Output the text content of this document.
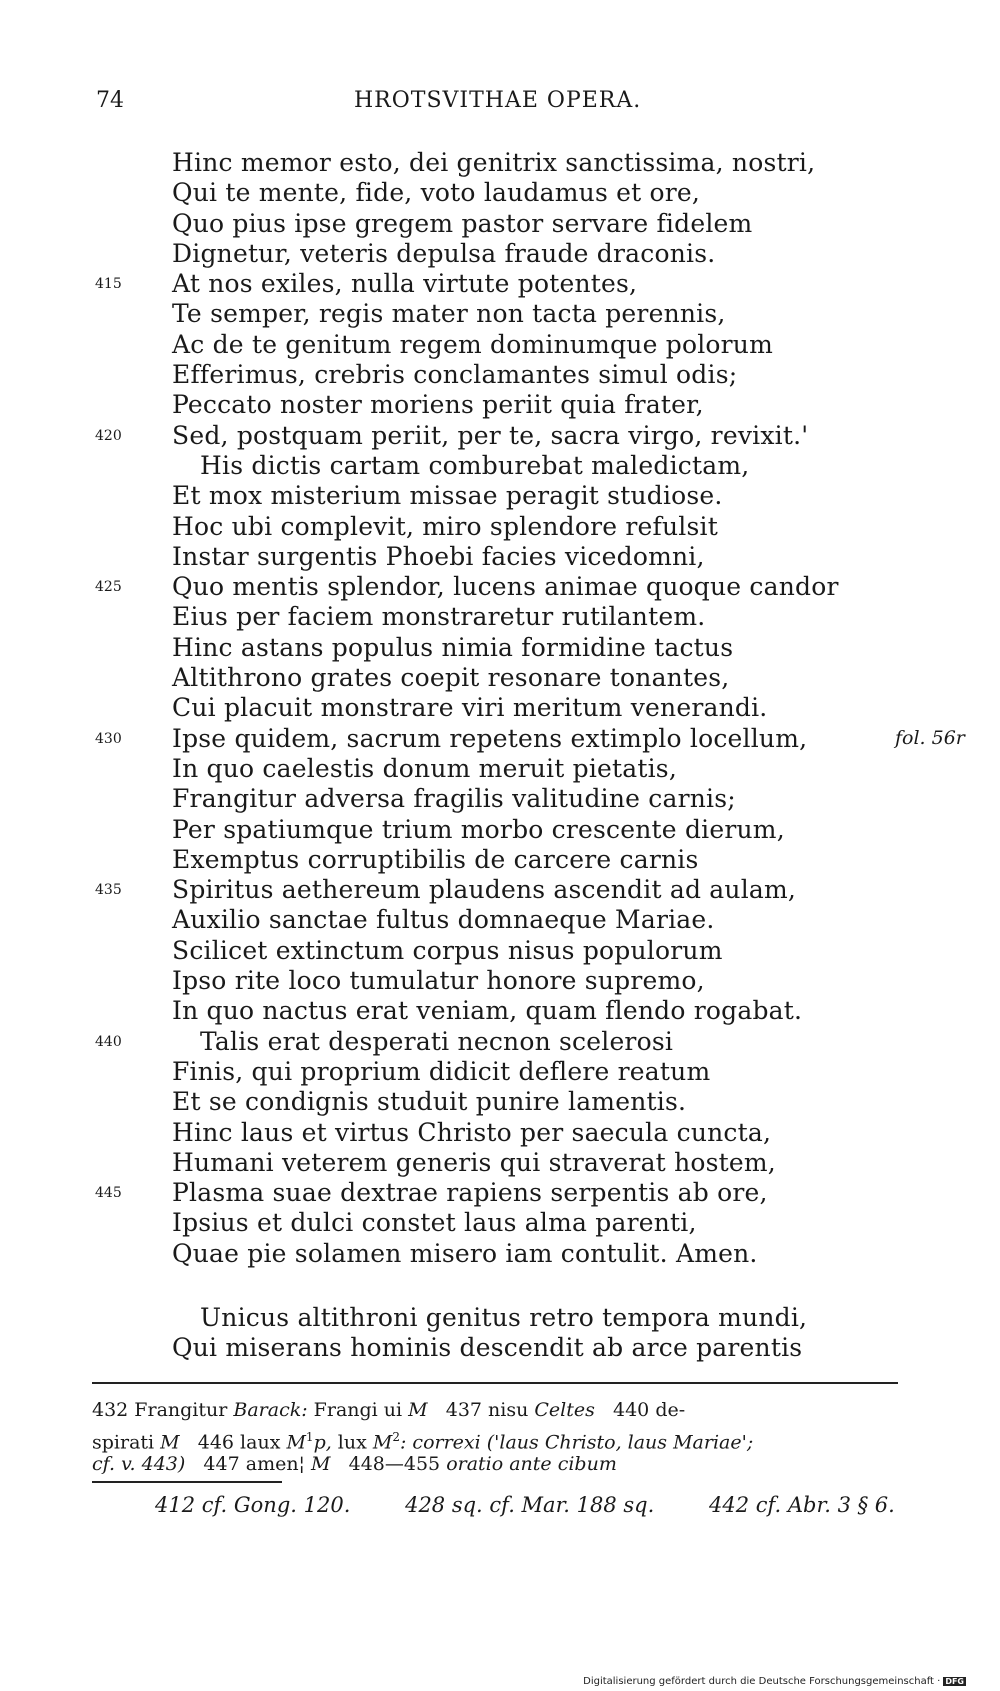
74	HROTSVITHAE OPERA.
Hinc memor esto, dei genitrix sanctissima, nostri,
Qui te mente, fide, voto laudamus et ore,
Quo pius ipse gregem pastor servare fidelem
Dignetur, veteris depulsa fraude draconis.
415 At nos exiles, nulla virtute potentes,
Te semper, regis mater non tacta perennis,
Ac de te genitum regem dominumque polorum
Efferimus, crebris conclamantes simul odis;
Peccato noster moriens periit quia frater,
420 Sed, postquam periit, per te, sacra virgo, revixit.'
His dictis cartam comburebat maledictam,
Et mox misterium missae peragit studiose.
Hoc ubi complevit, miro splendore refulsit
Instar surgentis Phoebi facies vicedomni,
425 Quo mentis splendor, lucens animae quoque candor
Eius per faciem monstraretur rutilantem.
Hinc astans populus nimia formidine tactus
Altithrono grates coepit resonare tonantes,
Cui placuit monstrare viri meritum venerandi.
430 Ipse quidem, sacrum repetens extimplo locellum,	fol. 56r
In quo caelestis donum meruit pietatis,
Frangitur adversa fragilis valitudine carnis;
Per spatiumque trium morbo crescente dierum,
Exemptus corruptibilis de carcere carnis
435 Spiritus aethereum plaudens ascendit ad aulam,
Auxilio sanctae fultus domnaeque Mariae.
Scilicet extinctum corpus nisus populorum
Ipso rite loco tumulatur honore supremo,
In quo nactus erat veniam, quam flendo rogabat.
440	Talis erat desperati necnon scelerosi
Finis, qui proprium didicit deflere reatum
Et se condignis studuit punire lamentis.
Hinc laus et virtus Christo per saecula cuncta,
Humani veterem generis qui straverat hostem,
445 Plasma suae dextrae rapiens serpentis ab ore,
Ipsius et dulci constet laus alma parenti,
Quae pie solamen misero iam contulit. Amen.
Unicus altithroni genitus retro tempora mundi,
Qui miserans hominis descendit ab arce parentis
432 Frangitur Barack: Frangi ui M   437 nisu Celtes   440 de-
spirati M   446 laux $M^1p$, lux $M^2$: correxi ('laus Christo, laus Mariae';
cf. v. 443)   447 amen¦ M   448—455 oratio ante cibum
412 cf. Gong. 120.	428 sq. cf. Mar. 188 sq.	442 cf. Abr. 3 § 6.
Digitalisierung gefördert durch die Deutsche Forschungsgemeinschaft · DFG
